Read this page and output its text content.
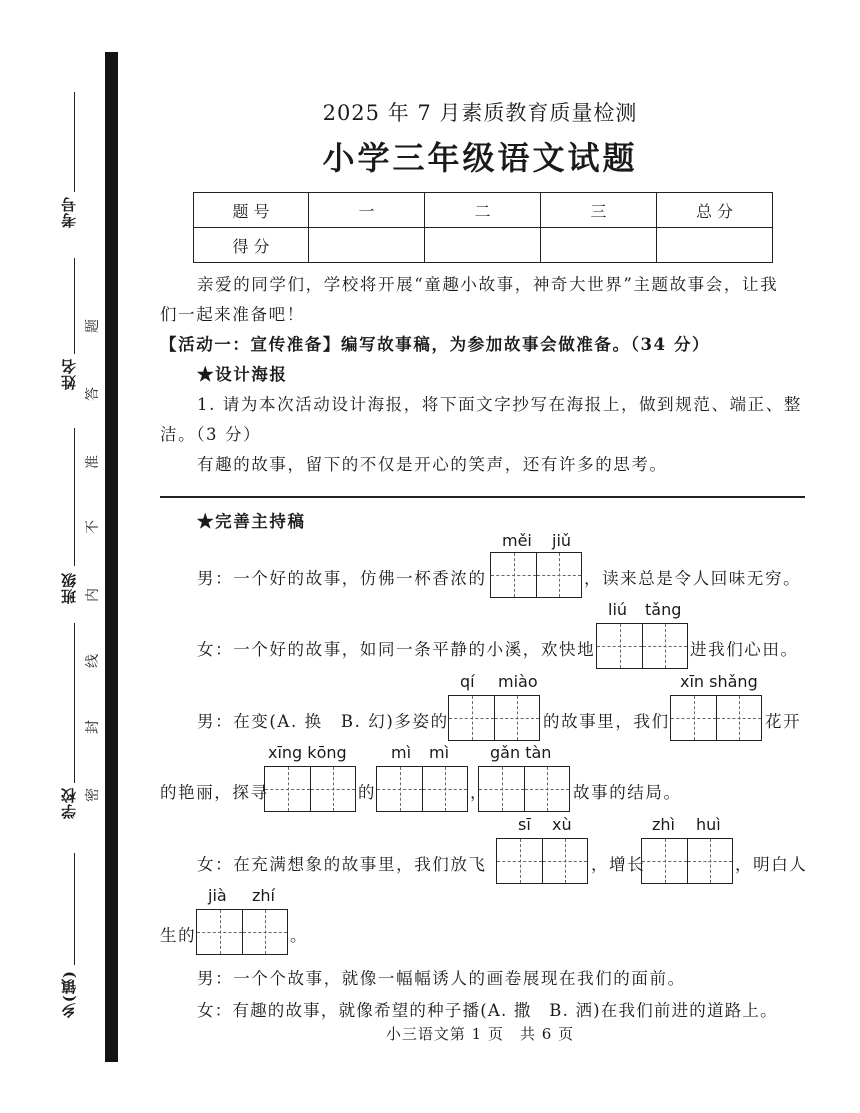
考号
姓名
班级
学校
乡(镇)
题
答
准
不
内
线
封
密
2025 年 7 月素质教育质量检测
小学三年级语文试题
题 号	一	二	三	总 分
得 分				
亲爱的同学们，学校将开展“童趣小故事，神奇大世界”主题故事会，让我
们一起来准备吧！
【活动一：宣传准备】编写故事稿，为参加故事会做准备。（34 分）
★设计海报
1. 请为本次活动设计海报，将下面文字抄写在海报上，做到规范、端正、整
洁。（3 分）
有趣的故事，留下的不仅是开心的笑声，还有许多的思考。
★完善主持稿
měi jiǔ
男：一个好的故事，仿佛一杯香浓的	，读来总是令人回味无穷。
liú tǎng
女：一个好的故事，如同一条平静的小溪，欢快地	进我们心田。
qí miào	xīn shǎng
男：在变(A. 换　B. 幻)多姿的	的故事里，我们	花开
xīng kōng	mì mì	gǎn tàn
的艳丽，探寻	的	，	故事的结局。
sī xù	zhì huì
女：在充满想象的故事里，我们放飞	，增长	，明白人
jià zhí
生的	。
男：一个个故事，就像一幅幅诱人的画卷展现在我们的面前。
女：有趣的故事，就像希望的种子播(A. 撒　B. 洒)在我们前进的道路上。
小三语文第 1 页　共 6 页
